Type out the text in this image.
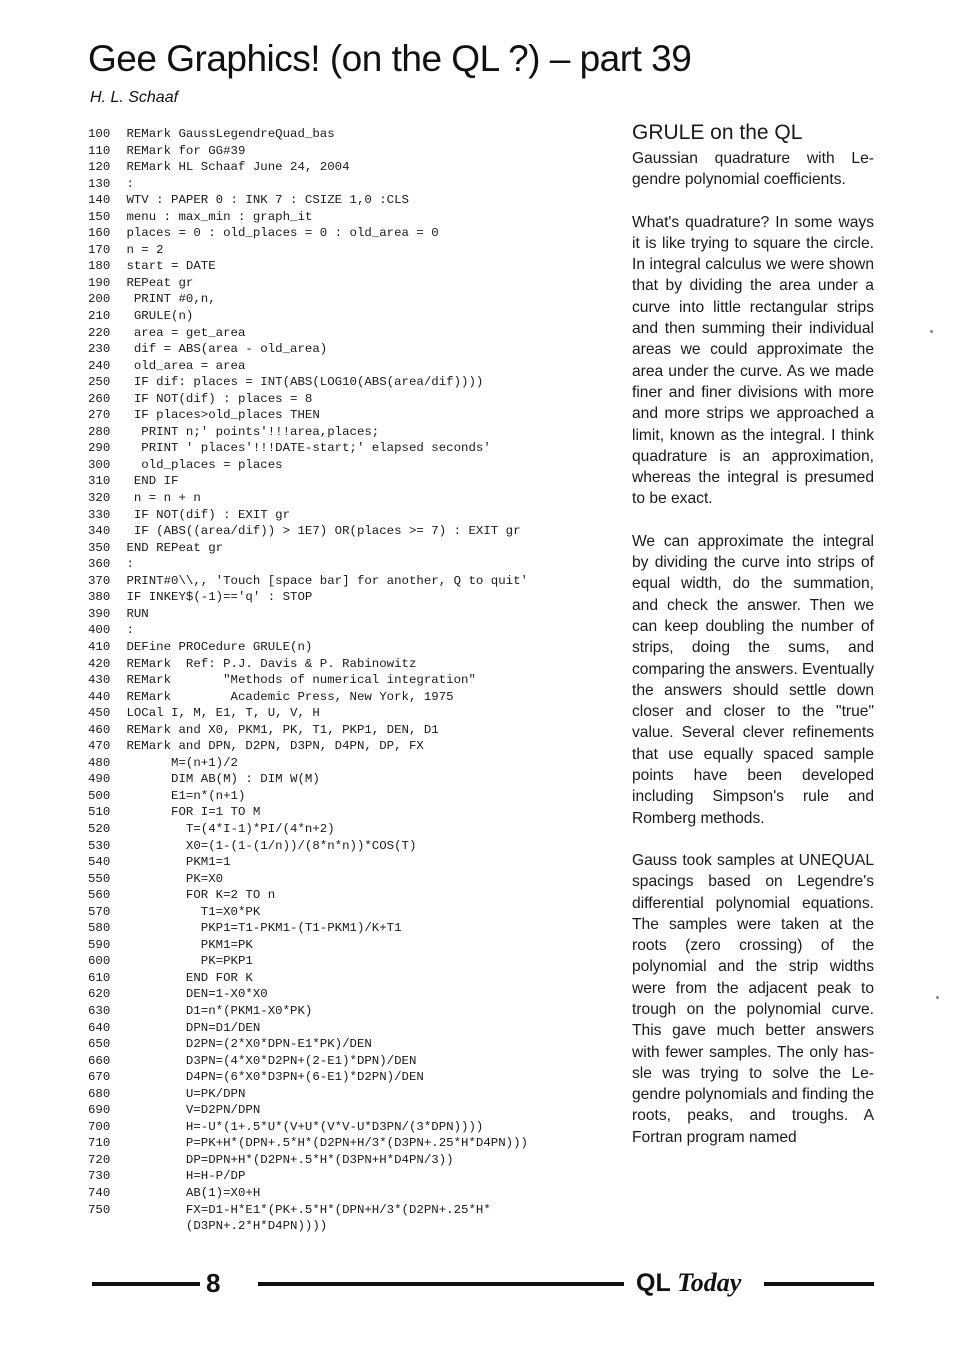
Gee Graphics! (on the QL ?) – part 39
H. L. Schaaf
100 REMark GaussLegendreQuad_bas
110 REMark for GG#39
120 REMark HL Schaaf June 24, 2004
130 :
140 WTV : PAPER 0 : INK 7 : CSIZE 1,0 :CLS
150 menu : max_min : graph_it
160 places = 0 : old_places = 0 : old_area = 0
170 n = 2
180 start = DATE
190 REPeat gr
200  PRINT #0,n,
210  GRULE(n)
220  area = get_area
230  dif = ABS(area - old_area)
240  old_area = area
250  IF dif: places = INT(ABS(LOG10(ABS(area/dif))))
260  IF NOT(dif) : places = 8
270  IF places>old_places THEN
280   PRINT n;' points'!!!area,places;
290   PRINT ' places'!!!DATE-start;' elapsed seconds'
300   old_places = places
310  END IF
320  n = n + n
330  IF NOT(dif) : EXIT gr
340  IF (ABS((area/dif)) > 1E7) OR(places >= 7) : EXIT gr
350 END REPeat gr
360 :
370 PRINT#0\\,, 'Touch [space bar] for another, Q to quit'
380 IF INKEY$(-1)=='q' : STOP
390 RUN
400 :
410 DEFine PROCedure GRULE(n)
420 REMark  Ref: P.J. Davis & P. Rabinowitz
430 REMark       "Methods of numerical integration"
440 REMark        Academic Press, New York, 1975
450 LOCal I, M, E1, T, U, V, H
460 REMark and X0, PKM1, PK, T1, PKP1, DEN, D1
470 REMark and DPN, D2PN, D3PN, D4PN, DP, FX
480       M=(n+1)/2
490       DIM AB(M) : DIM W(M)
500       E1=n*(n+1)
510       FOR I=1 TO M
520         T=(4*I-1)*PI/(4*n+2)
530         X0=(1-(1-(1/n))/(8*n*n))*COS(T)
540         PKM1=1
550         PK=X0
560         FOR K=2 TO n
570           T1=X0*PK
580           PKP1=T1-PKM1-(T1-PKM1)/K+T1
590           PKM1=PK
600           PK=PKP1
610         END FOR K
620         DEN=1-X0*X0
630         D1=n*(PKM1-X0*PK)
640         DPN=D1/DEN
650         D2PN=(2*X0*DPN-E1*PK)/DEN
660         D3PN=(4*X0*D2PN+(2-E1)*DPN)/DEN
670         D4PN=(6*X0*D3PN+(6-E1)*D2PN)/DEN
680         U=PK/DPN
690         V=D2PN/DPN
700         H=-U*(1+.5*U*(V+U*(V*V-U*D3PN/(3*DPN))))
710         P=PK+H*(DPN+.5*H*(D2PN+H/3*(D3PN+.25*H*D4PN)))
720         DP=DPN+H*(D2PN+.5*H*(D3PN+H*D4PN/3))
730         H=H-P/DP
740         AB(1)=X0+H
750         FX=D1-H*E1*(PK+.5*H*(DPN+H/3*(D2PN+.25*H*
(D3PN+.2*H*D4PN))))
GRULE on the QL

Gaussian quadrature with Legendre polynomial coefficients.

What's quadrature? In some ways it is like trying to square the circle. In integral calculus we were shown that by dividing the area under a curve into little rectangular strips and then summing their individual areas we could approximate the area under the curve. As we made finer and finer divisions with more and more strips we approached a limit, known as the integral. I think quadrature is an approximation, whereas the integral is presumed to be exact.

We can approximate the integral by dividing the curve into strips of equal width, do the summation, and check the answer. Then we can keep doubling the number of strips, doing the sums, and comparing the answers. Eventually the answers should settle down closer and closer to the "true" value. Several clever refinements that use equally spaced sample points have been developed including Simpson's rule and Romberg methods.

Gauss took samples at UNEQUAL spacings based on Legendre's differential polynomial equations. The samples were taken at the roots (zero crossing) of the polynomial and the strip widths were from the adjacent peak to trough on the polynomial curve. This gave much better answers with fewer samples. The only hassle was trying to solve the Legendre polynomials and finding the roots, peaks, and troughs. A Fortran program named

8	QL Today
